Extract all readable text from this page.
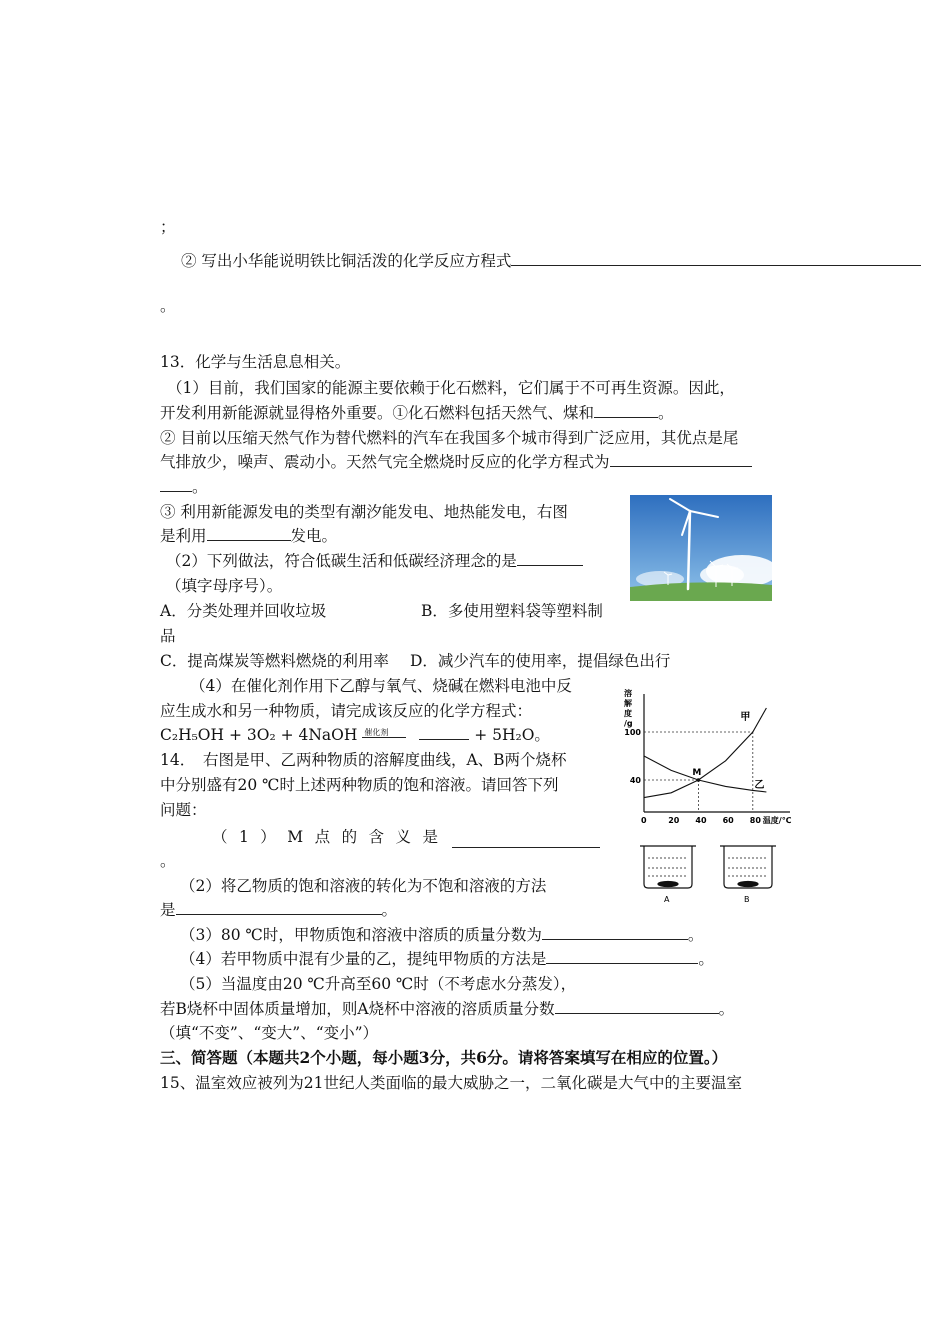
；
② 写出小华能说明铁比铜活泼的化学反应方程式
。
13．化学与生活息息相关。
（1）目前，我们国家的能源主要依赖于化石燃料，它们属于不可再生资源。因此，
开发利用新能源就显得格外重要。①化石燃料包括天然气、煤和	。
② 目前以压缩天然气作为替代燃料的汽车在我国多个城市得到广泛应用，其优点是尾
气排放少，噪声、震动小。天然气完全燃烧时反应的化学方程式为
。
③ 利用新能源发电的类型有潮汐能发电、地热能发电，右图
是利用	发电。
（2）下列做法，符合低碳生活和低碳经济理念的是
（填字母序号）。
A．分类处理并回收垃圾	B．多使用塑料袋等塑料制
品
C．提高煤炭等燃料燃烧的利用率 D．减少汽车的使用率，提倡绿色出行
（4）在催化剂作用下乙醇与氧气、烧碱在燃料电池中反
应生成水和另一种物质，请完成该反应的化学方程式：
C₂H₅OH + 3O₂ + 4NaOH 催化剂	+ 5H₂O。
14．　右图是甲、乙两种物质的溶解度曲线，A、B两个烧杯
中分别盛有20 ℃时上述两种物质的饱和溶液。请回答下列
问题：
（ 1 ） M 点 的 含 义 是
。
（2）将乙物质的饱和溶液的转化为不饱和溶液的方法
是	。
（3）80 ℃时，甲物质饱和溶液中溶质的质量分数为	。
（4）若甲物质中混有少量的乙，提纯甲物质的方法是	。
（5）当温度由20 ℃升高至60 ℃时（不考虑水分蒸发），
若B烧杯中固体质量增加，则A烧杯中溶液的溶质质量分数	。
（填“不变”、“变大”、“变小”）
三、简答题（本题共2个小题，每小题3分，共6分。请将答案填写在相应的位置。）
15、温室效应被列为21世纪人类面临的最大威胁之一，二氧化碳是大气中的主要温室
溶
解
度
/g
0	20 40 60 80
40
100
甲
乙
M
温度/℃
A	B
